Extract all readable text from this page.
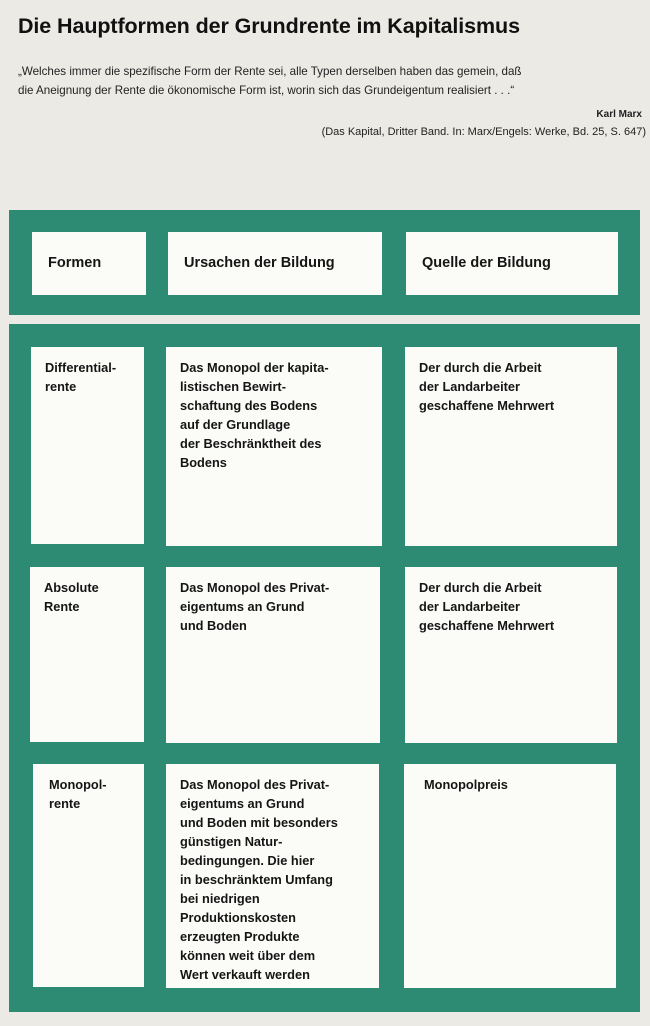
Die Hauptformen der Grundrente im Kapitalismus
„Welches immer die spezifische Form der Rente sei, alle Typen derselben haben das gemein, daß
die Aneignung der Rente die ökonomische Form ist, worin sich das Grundeigentum realisiert . . .“
Karl Marx
(Das Kapital, Dritter Band. In: Marx/Engels: Werke, Bd. 25, S. 647)
Formen	Ursachen der Bildung	Quelle der Bildung
Differential-
rente
Das Monopol der kapita-
listischen Bewirt-
schaftung des Bodens
auf der Grundlage
der Beschränktheit des
Bodens
Der durch die Arbeit
der Landarbeiter
geschaffene Mehrwert
Absolute
Rente
Das Monopol des Privat-
eigentums an Grund
und Boden
Der durch die Arbeit
der Landarbeiter
geschaffene Mehrwert
Monopol-
rente
Das Monopol des Privat-
eigentums an Grund
und Boden mit besonders
günstigen Natur-
bedingungen. Die hier
in beschränktem Umfang
bei niedrigen
Produktionskosten
erzeugten Produkte
können weit über dem
Wert verkauft werden
Monopolpreis
